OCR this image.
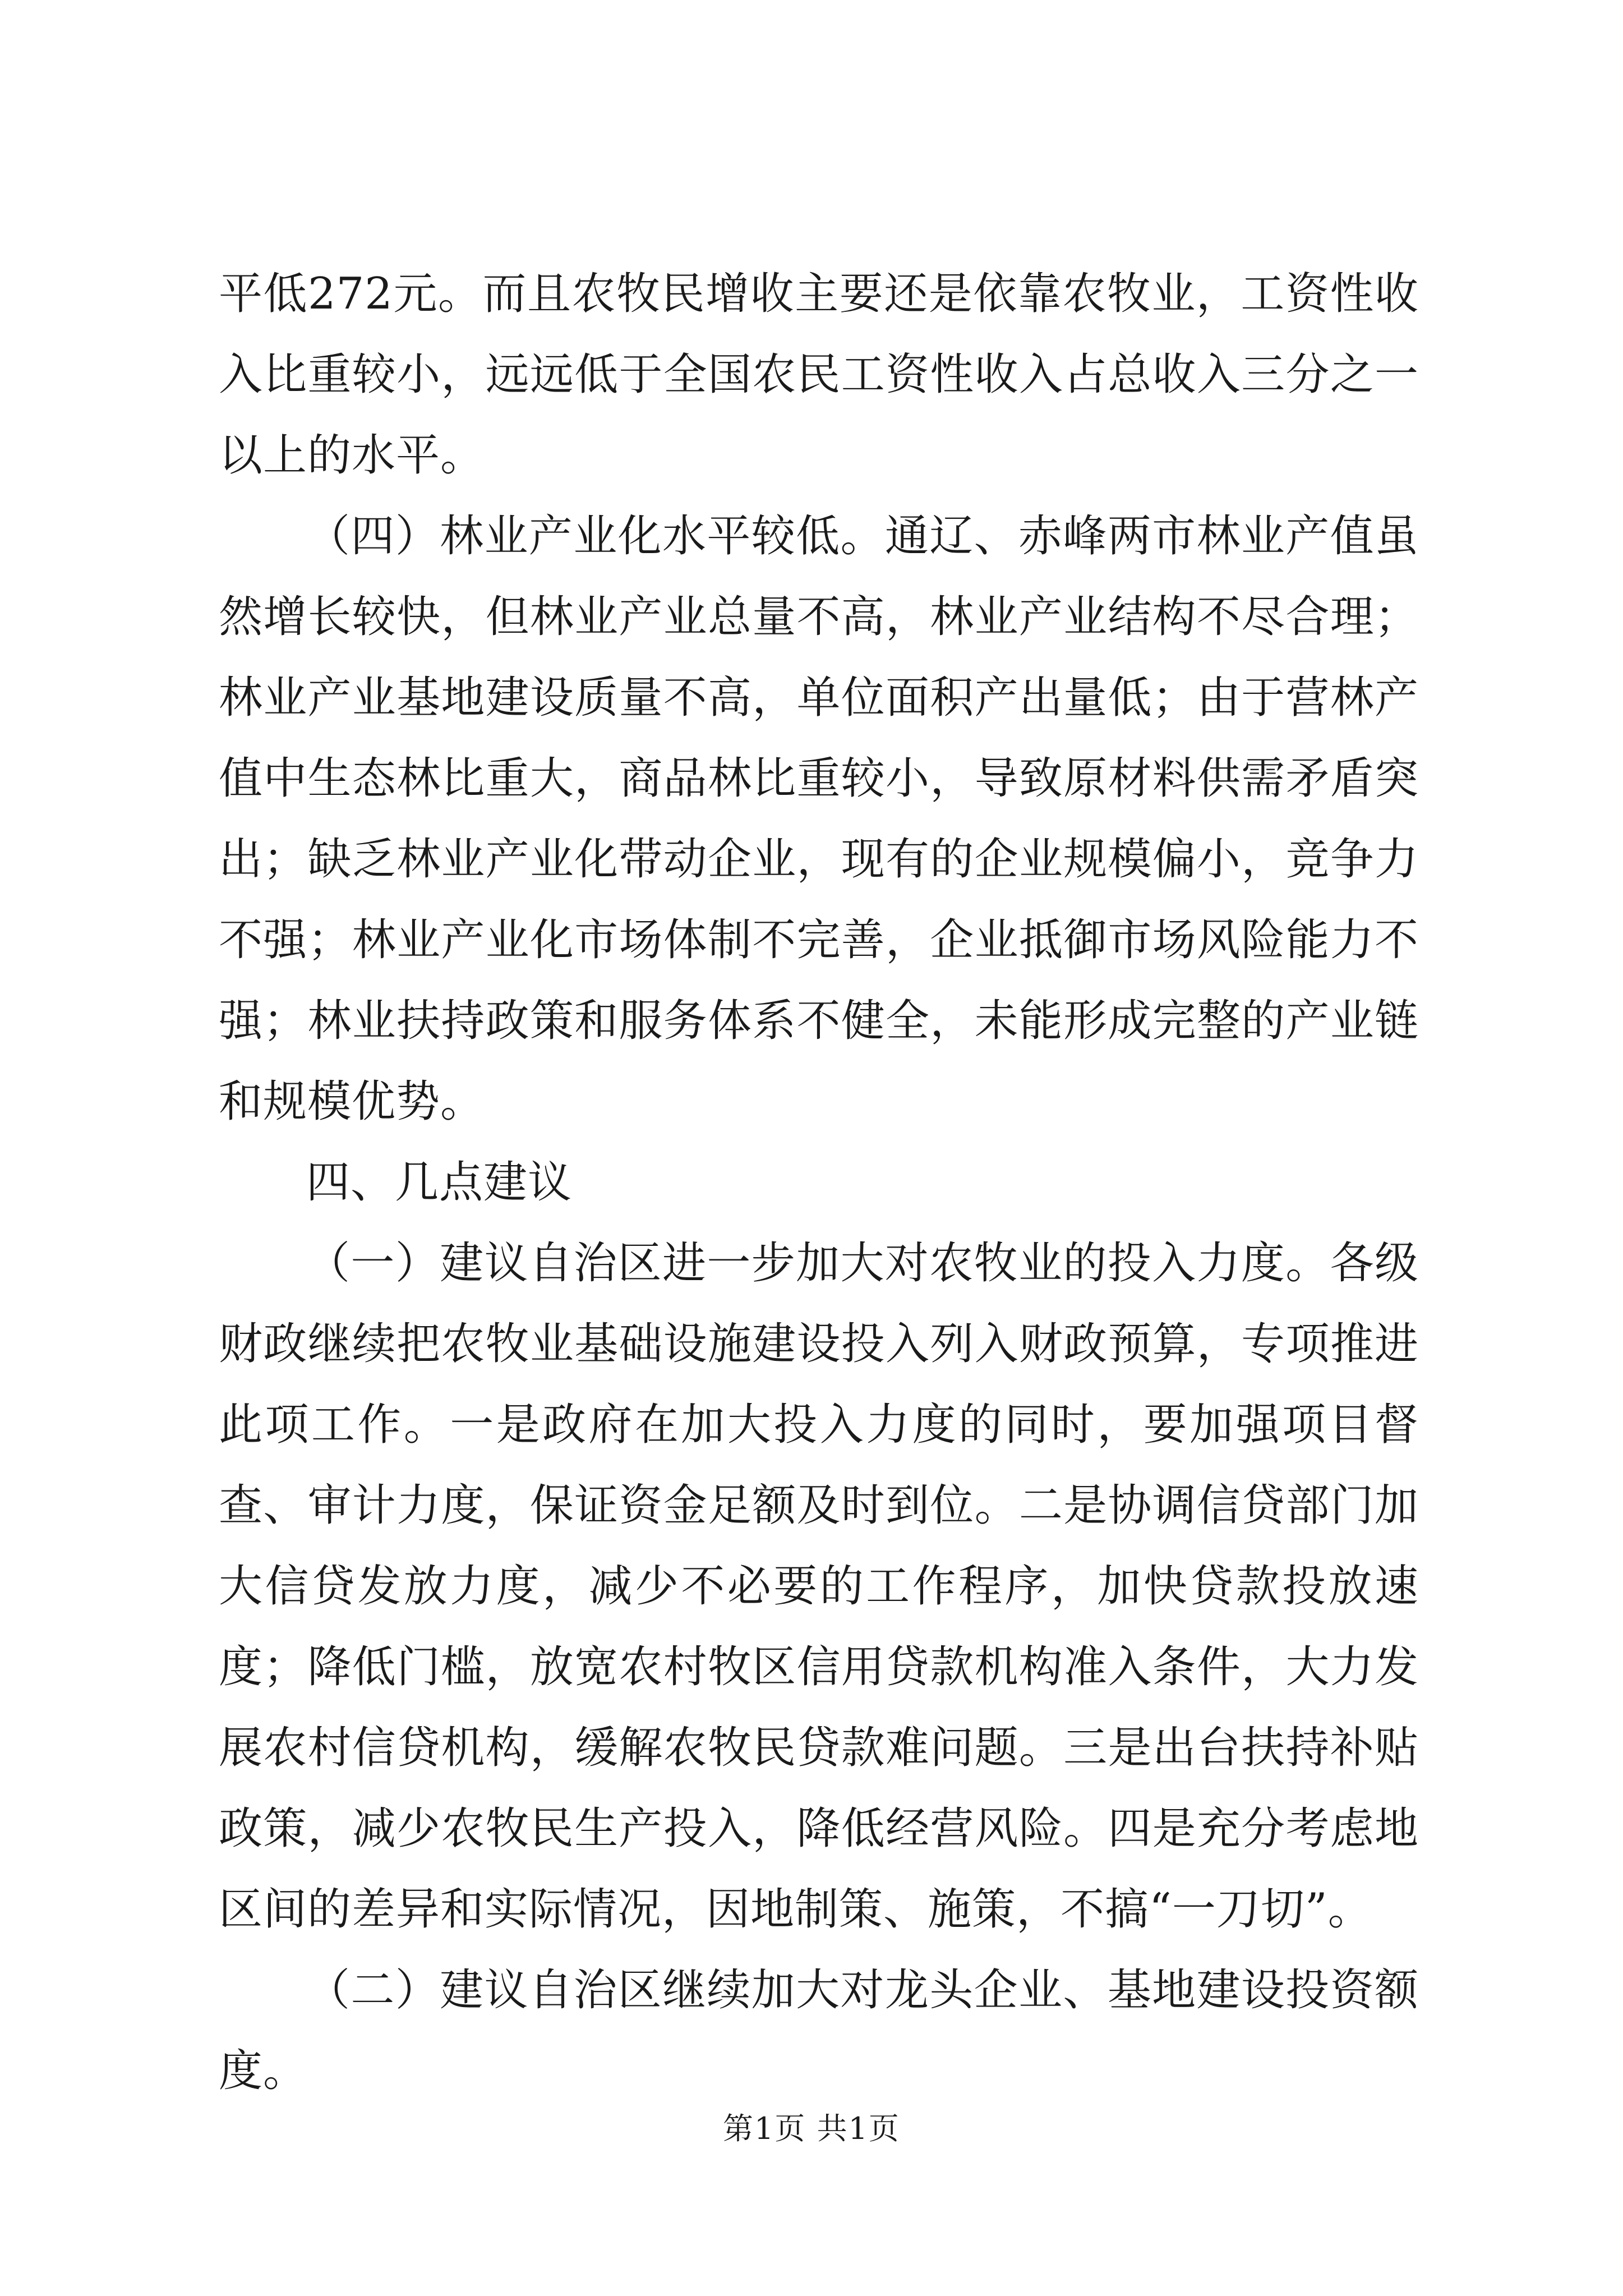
平低272元。而且农牧民增收主要还是依靠农牧业，工资性收入比重较小，远远低于全国农民工资性收入占总收入三分之一以上的水平。

（四）林业产业化水平较低。通辽、赤峰两市林业产值虽然增长较快，但林业产业总量不高，林业产业结构不尽合理；林业产业基地建设质量不高，单位面积产出量低；由于营林产值中生态林比重大，商品林比重较小，导致原材料供需矛盾突出；缺乏林业产业化带动企业，现有的企业规模偏小，竞争力不强；林业产业化市场体制不完善，企业抵御市场风险能力不强；林业扶持政策和服务体系不健全，未能形成完整的产业链和规模优势。

四、几点建议

（一）建议自治区进一步加大对农牧业的投入力度。各级财政继续把农牧业基础设施建设投入列入财政预算，专项推进此项工作。一是政府在加大投入力度的同时，要加强项目督查、审计力度，保证资金足额及时到位。二是协调信贷部门加大信贷发放力度，减少不必要的工作程序，加快贷款投放速度；降低门槛，放宽农村牧区信用贷款机构准入条件，大力发展农村信贷机构，缓解农牧民贷款难问题。三是出台扶持补贴政策，减少农牧民生产投入，降低经营风险。四是充分考虑地区间的差异和实际情况，因地制策、施策，不搞“一刀切”。

（二）建议自治区继续加大对龙头企业、基地建设投资额度。

第1页 共1页
